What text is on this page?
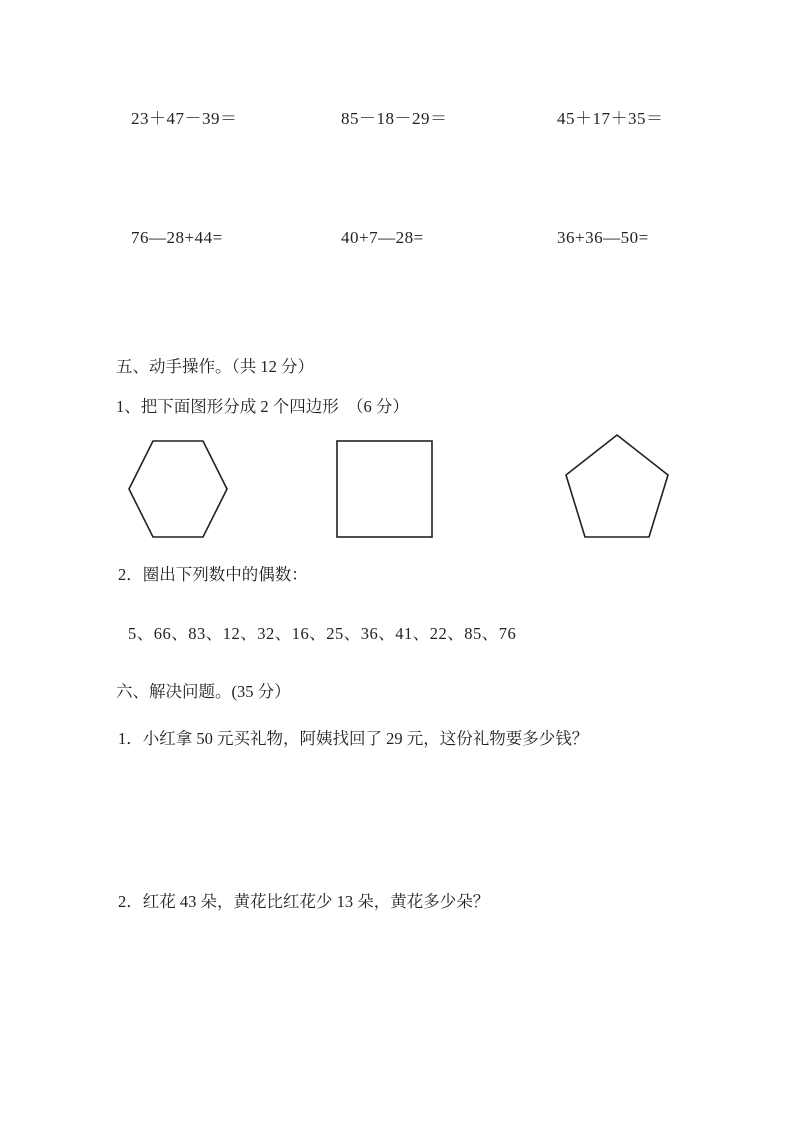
23＋47－39＝	85－18－29＝	45＋17＋35＝
76—28+44=	40+7—28=	36+36—50=
五、动手操作。（共 12 分）
1、把下面图形分成 2 个四边形　（6 分）
2．圈出下列数中的偶数：
5、66、83、12、32、16、25、36、41、22、85、76
六、解决问题。(35 分）
1．小红拿 50 元买礼物，阿姨找回了 29 元，这份礼物要多少钱？
2．红花 43 朵，黄花比红花少 13 朵，黄花多少朵？
